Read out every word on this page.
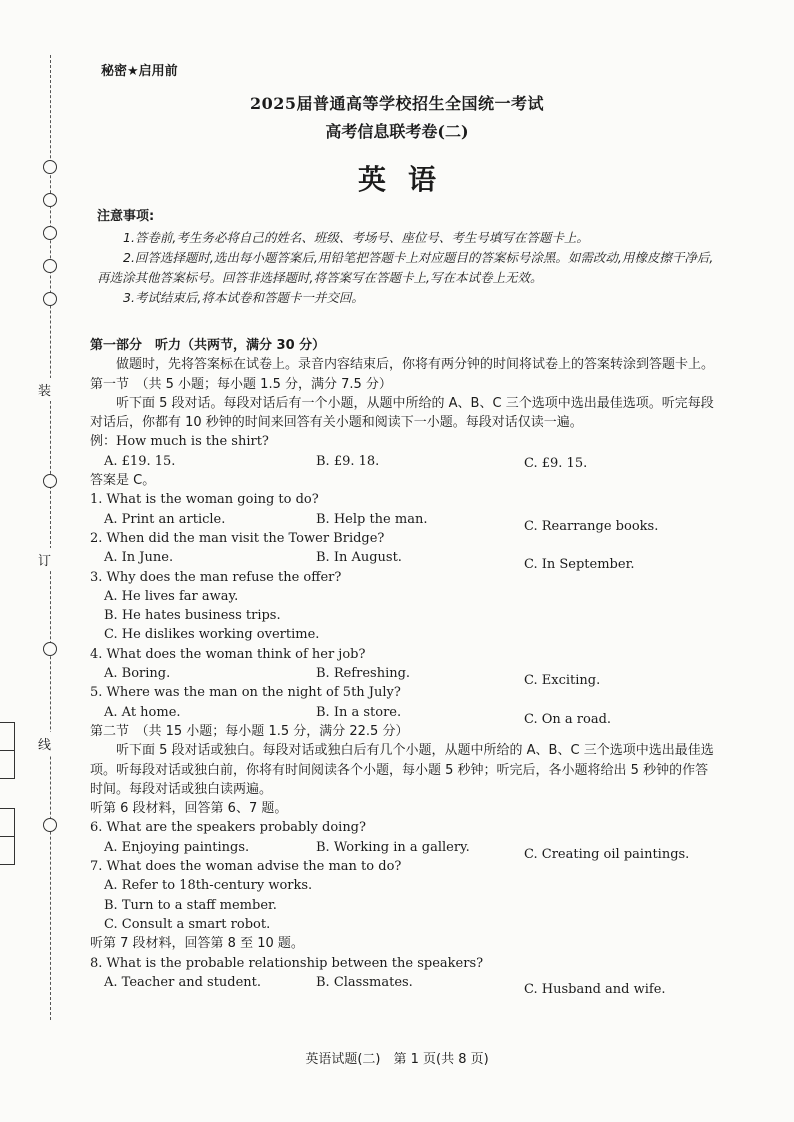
装
订
线
秘密★启用前
2025届普通高等学校招生全国统一考试
高考信息联考卷(二)
英语
注意事项:

1.答卷前,考生务必将自己的姓名、班级、考场号、座位号、考生号填写在答题卡上。

2.回答选择题时,选出每小题答案后,用铅笔把答题卡上对应题目的答案标号涂黑。如需改动,用橡皮擦干净后,再选涂其他答案标号。回答非选择题时,将答案写在答题卡上,写在本试卷上无效。

3.考试结束后,将本试卷和答题卡一并交回。

第一部分　听力（共两节，满分 30 分）

做题时，先将答案标在试卷上。录音内容结束后，你将有两分钟的时间将试卷上的答案转涂到答题卡上。

第一节　（共 5 小题；每小题 1.5 分，满分 7.5 分）

听下面 5 段对话。每段对话后有一个小题，从题中所给的 A、B、C 三个选项中选出最佳选项。听完每段对话后，你都有 10 秒钟的时间来回答有关小题和阅读下一小题。每段对话仅读一遍。

例：How much is the shirt?

A. £19. 15.	B. £9. 18.	C. £9. 15.

答案是 C。

1. What is the woman going to do?

A. Print an article.	B. Help the man.	C. Rearrange books.

2. When did the man visit the Tower Bridge?

A. In June.	B. In August.	C. In September.

3. Why does the man refuse the offer?

A. He lives far away.

B. He hates business trips.

C. He dislikes working overtime.

4. What does the woman think of her job?

A. Boring.	B. Refreshing.	C. Exciting.

5. Where was the man on the night of 5th July?

A. At home.	B. In a store.	C. On a road.

第二节　（共 15 小题；每小题 1.5 分，满分 22.5 分）

听下面 5 段对话或独白。每段对话或独白后有几个小题，从题中所给的 A、B、C 三个选项中选出最佳选项。听每段对话或独白前，你将有时间阅读各个小题，每小题 5 秒钟；听完后，各小题将给出 5 秒钟的作答时间。每段对话或独白读两遍。

听第 6 段材料，回答第 6、7 题。

6. What are the speakers probably doing?

A. Enjoying paintings.	B. Working in a gallery.	C. Creating oil paintings.

7. What does the woman advise the man to do?

A. Refer to 18th-century works.

B. Turn to a staff member.

C. Consult a smart robot.

听第 7 段材料，回答第 8 至 10 题。

8. What is the probable relationship between the speakers?

A. Teacher and student.	B. Classmates.	C. Husband and wife.
英语试题(二)　第 1 页(共 8 页)
